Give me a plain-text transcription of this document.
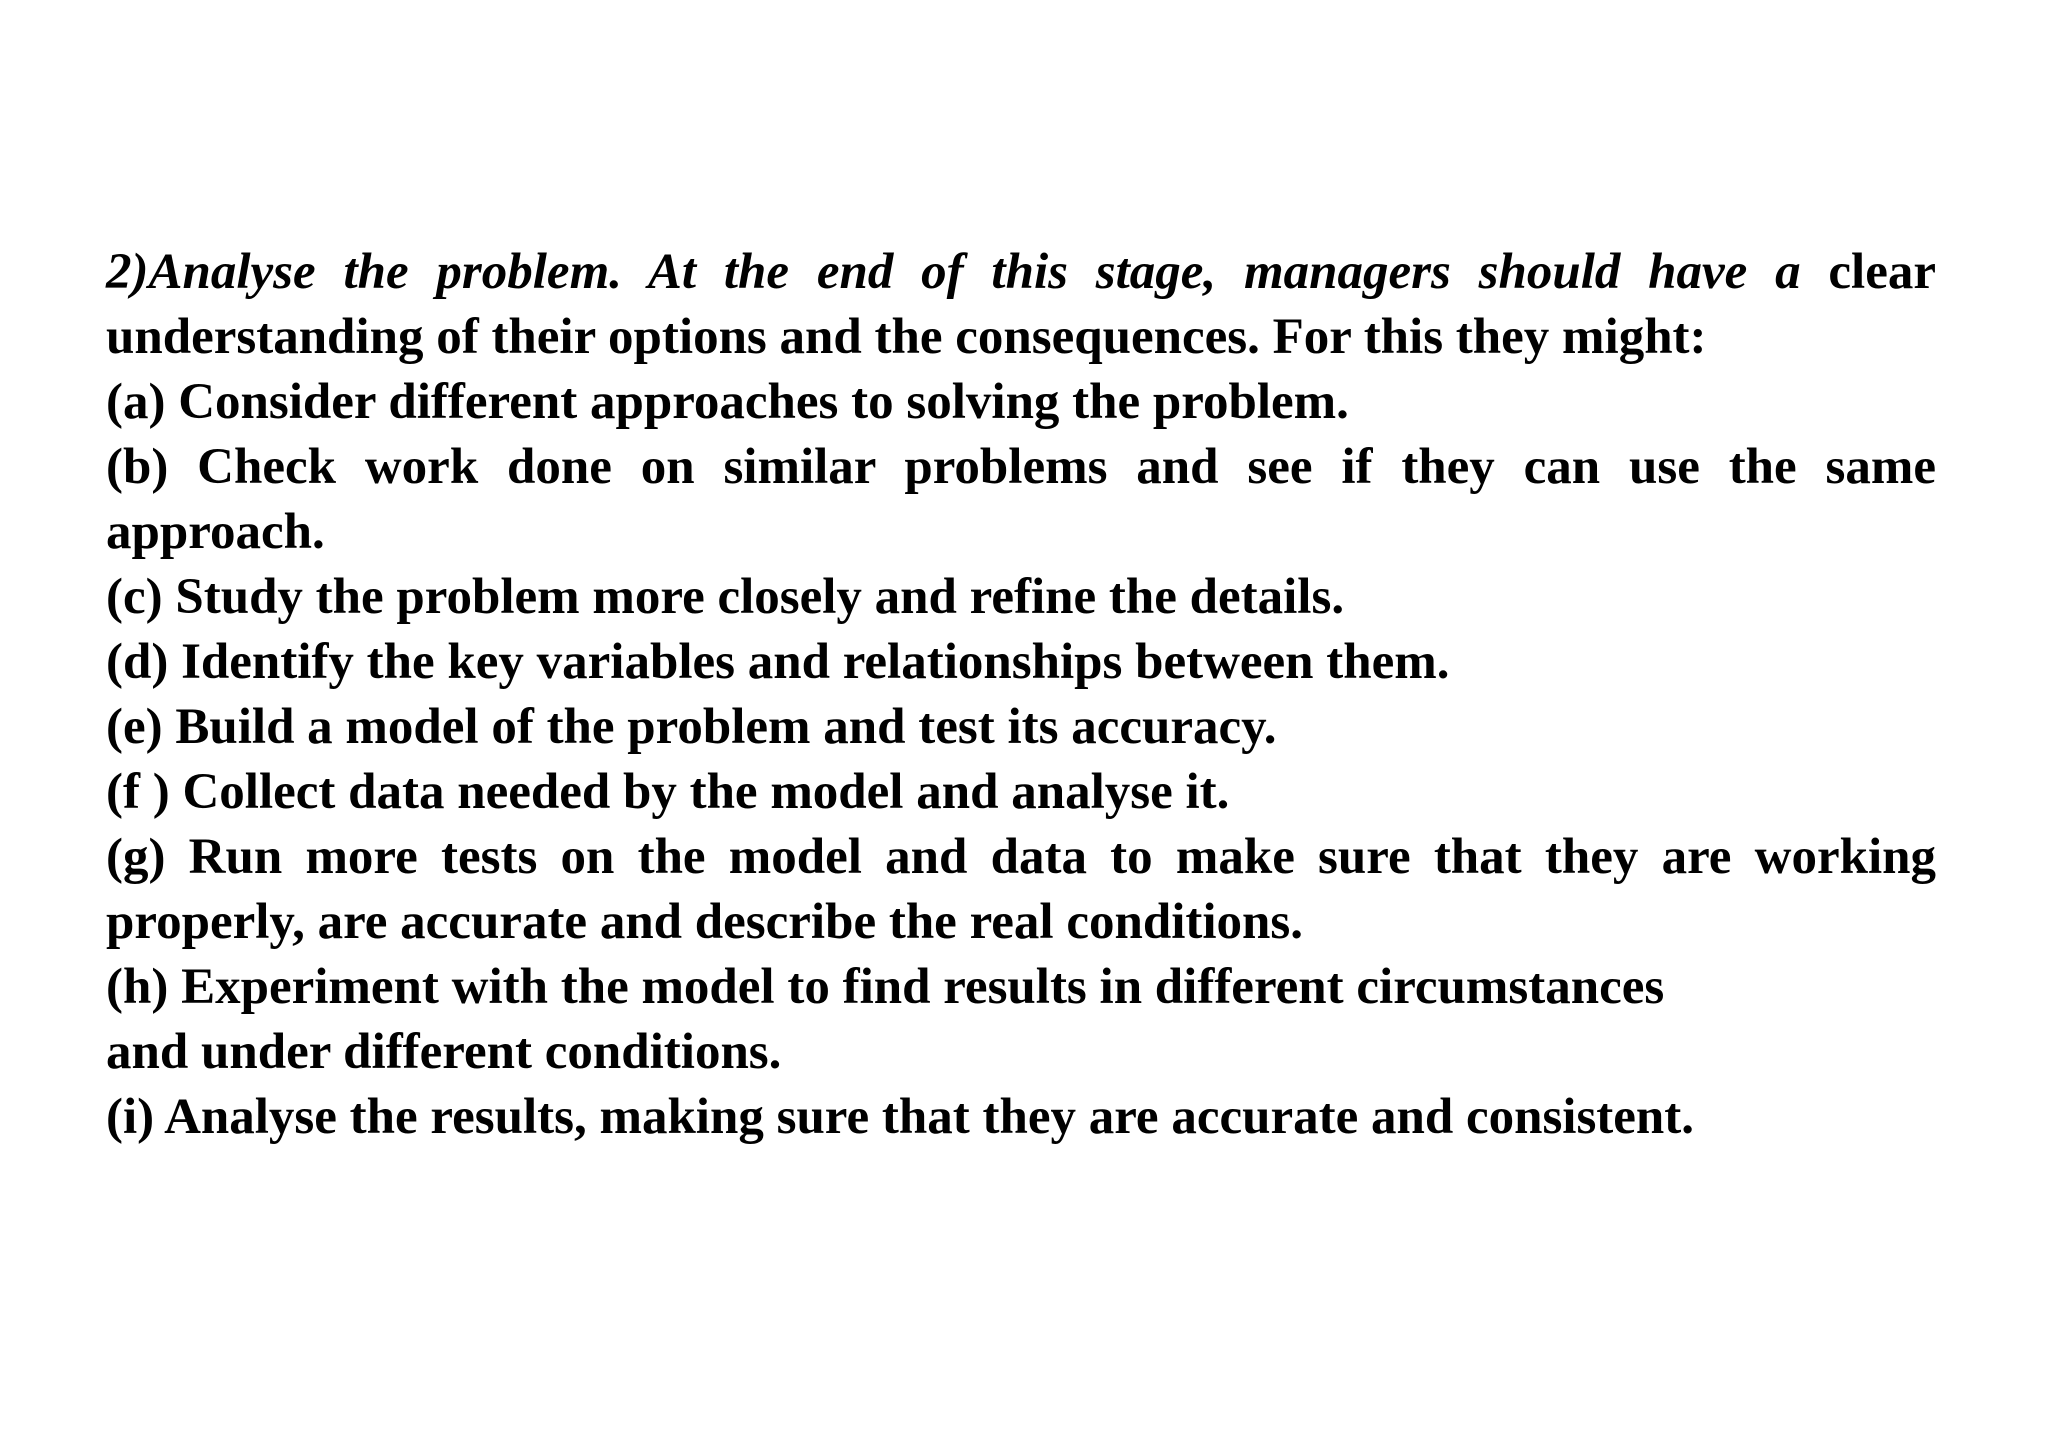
2)Analyse the problem. At the end of this stage, managers should have a clear

understanding of their options and the consequences. For this they might:

(a) Consider different approaches to solving the problem.

(b) Check work done on similar problems and see if they can use the same

approach.

(c) Study the problem more closely and refine the details.

(d) Identify the key variables and relationships between them.

(e) Build a model of the problem and test its accuracy.

(f ) Collect data needed by the model and analyse it.

(g) Run more tests on the model and data to make sure that they are working

properly, are accurate and describe the real conditions.

(h) Experiment with the model to find results in different circumstances

and under different conditions.

(i) Analyse the results, making sure that they are accurate and consistent.
